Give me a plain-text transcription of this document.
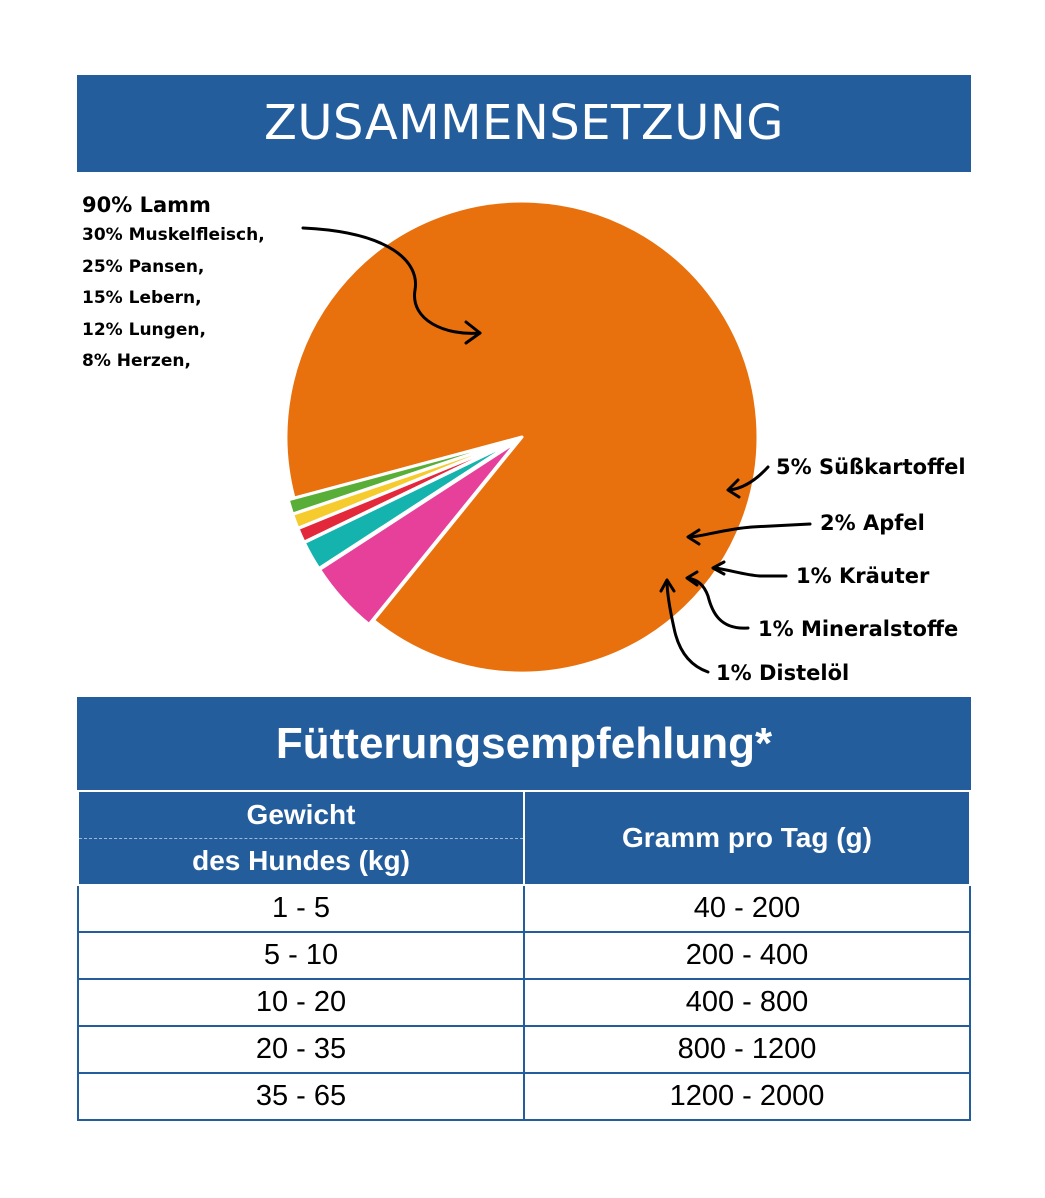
ZUSAMMENSETZUNG
90% Lamm
30% Muskelfleisch,
25% Pansen,
15% Lebern,
12% Lungen,
8% Herzen,
5% Süßkartoffel
2% Apfel
1% Kräuter
1% Mineralstoffe
1% Distelöl
Fütterungsempfehlung*
Gewicht
des Hundes (kg)	Gramm pro Tag (g)
1 - 5	40 - 200
5 - 10	200 - 400
10 - 20	400 - 800
20 - 35	800 - 1200
35 - 65	1200 - 2000
